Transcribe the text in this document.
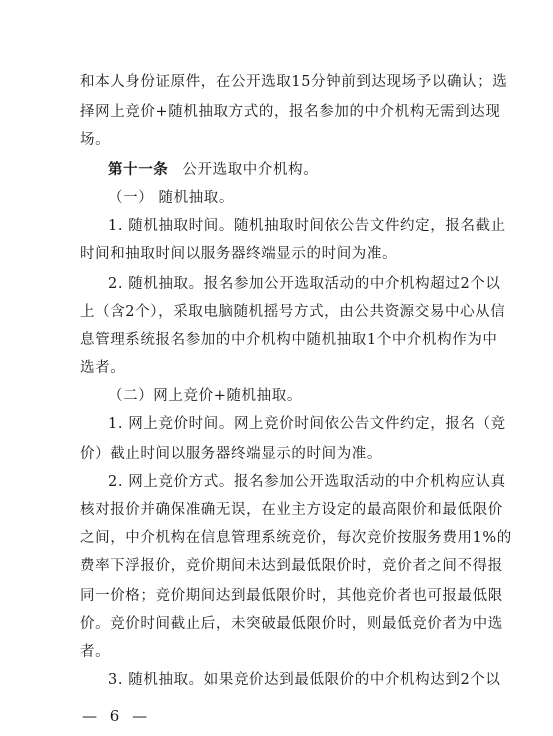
和本人身份证原件，在公开选取15分钟前到达现场予以确认；选
择网上竞价+随机抽取方式的，报名参加的中介机构无需到达现
场。
第十一条 公开选取中介机构。
（一） 随机抽取。
1. 随机抽取时间。随机抽取时间依公告文件约定，报名截止
时间和抽取时间以服务器终端显示的时间为准。
2. 随机抽取。报名参加公开选取活动的中介机构超过2个以
上（含2个），采取电脑随机摇号方式，由公共资源交易中心从信
息管理系统报名参加的中介机构中随机抽取1个中介机构作为中
选者。
（二）网上竞价+随机抽取。
1. 网上竞价时间。网上竞价时间依公告文件约定，报名（竞
价）截止时间以服务器终端显示的时间为准。
2. 网上竞价方式。报名参加公开选取活动的中介机构应认真
核对报价并确保准确无误，在业主方设定的最高限价和最低限价
之间，中介机构在信息管理系统竞价，每次竞价按服务费用1%的
费率下浮报价，竞价期间未达到最低限价时，竞价者之间不得报
同一价格；竞价期间达到最低限价时，其他竞价者也可报最低限
价。竞价时间截止后，未突破最低限价时，则最低竞价者为中选
者。
3. 随机抽取。如果竞价达到最低限价的中介机构达到2个以
— 6 —
